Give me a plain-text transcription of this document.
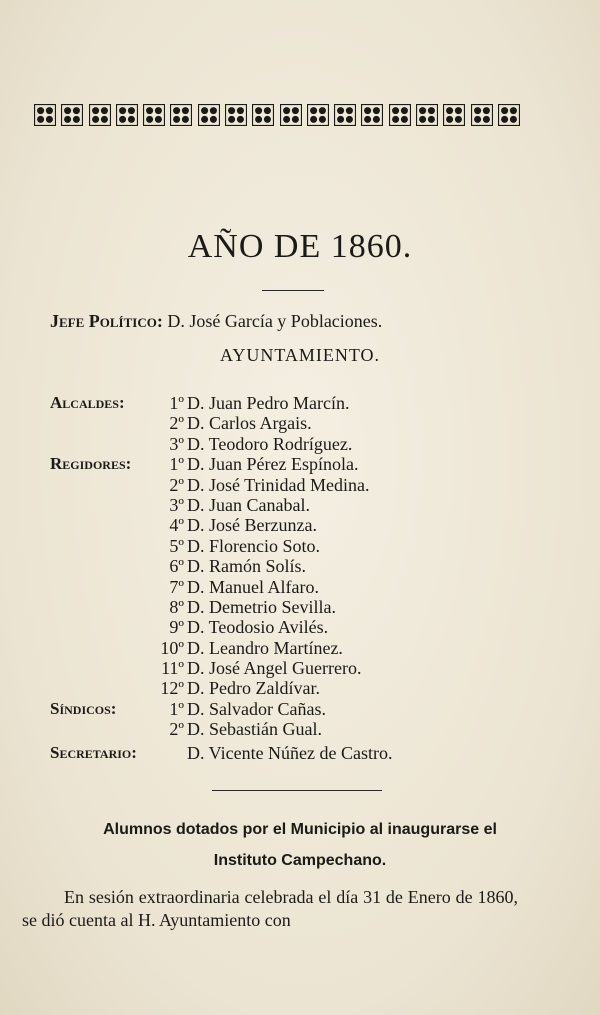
AÑO DE 1860.
Jefe Político: D. José García y Poblaciones.
AYUNTAMIENTO.
Alcaldes: 1º D. Juan Pedro Marcín.
2º D. Carlos Argais.
3º D. Teodoro Rodríguez.
Regidores: 1º D. Juan Pérez Espínola.
2º D. José Trinidad Medina.
3º D. Juan Canabal.
4º D. José Berzunza.
5º D. Florencio Soto.
6º D. Ramón Solís.
7º D. Manuel Alfaro.
8º D. Demetrio Sevilla.
9º D. Teodosio Avilés.
10º D. Leandro Martínez.
11º D. José Angel Guerrero.
12º D. Pedro Zaldívar.
Síndicos:	1º D. Salvador Cañas.
2º D. Sebastián Gual.
Secretario:	D. Vicente Núñez de Castro.
Alumnos dotados por el Municipio al inaugurarse el
Instituto Campechano.
En sesión extraordinaria celebrada el día 31 de Enero de 1860, se dió cuenta al H. Ayuntamiento con
